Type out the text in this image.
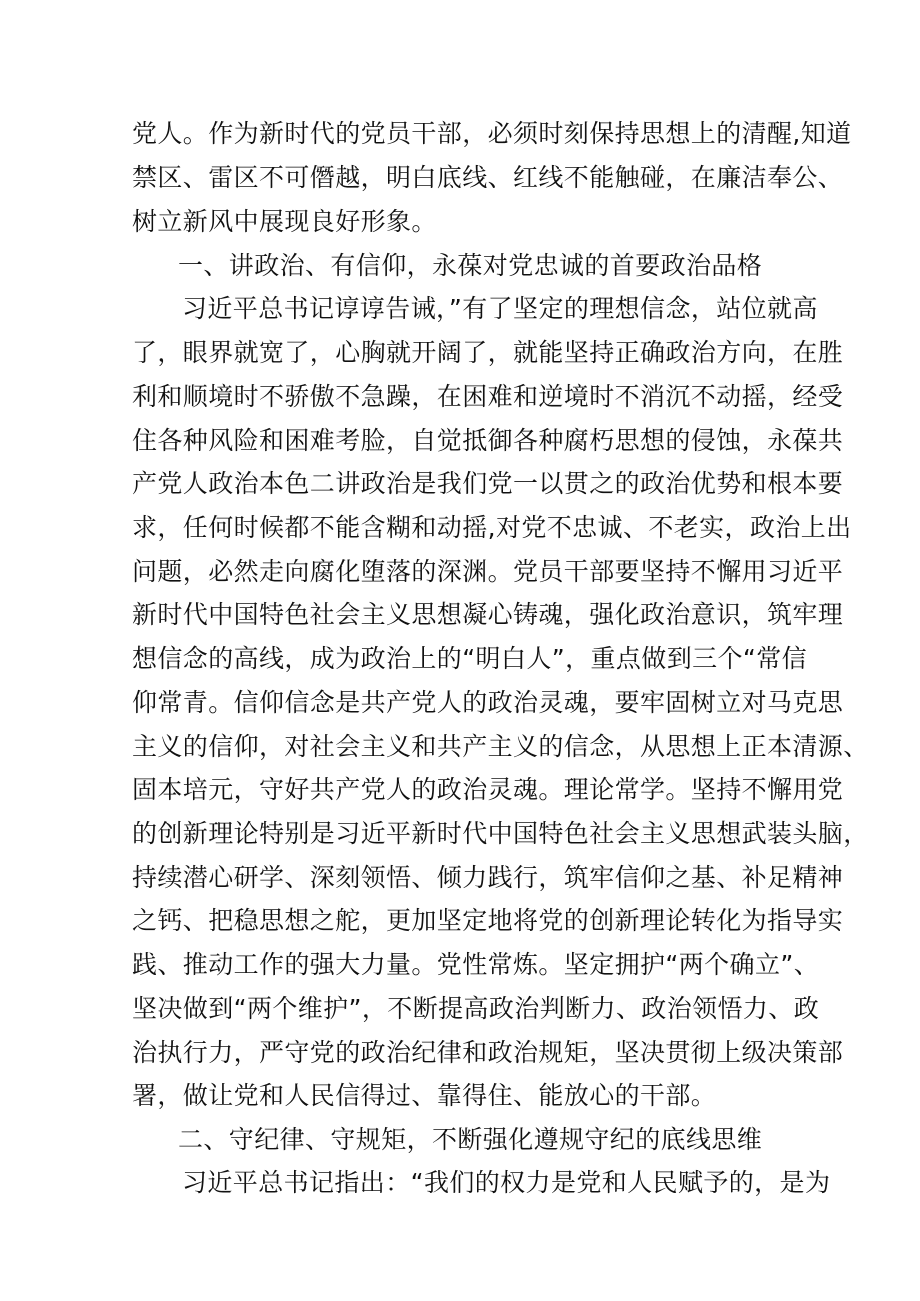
党人。作为新时代的党员干部，必须时刻保持思想上的清醒,知道
禁区、雷区不可僭越，明白底线、红线不能触碰，在廉洁奉公、
树立新风中展现良好形象。
一、讲政治、有信仰，永葆对党忠诚的首要政治品格
习近平总书记谆谆告诫，”有了坚定的理想信念，站位就高
了，眼界就宽了，心胸就开阔了，就能坚持正确政治方向，在胜
利和顺境时不骄傲不急躁，在困难和逆境时不消沉不动摇，经受
住各种风险和困难考脸，自觉抵御各种腐朽思想的侵蚀，永葆共
产党人政治本色二讲政治是我们党一以贯之的政治优势和根本要
求，任何时候都不能含糊和动摇,对党不忠诚、不老实，政治上出
问题，必然走向腐化堕落的深渊。党员干部要坚持不懈用习近平
新时代中国特色社会主义思想凝心铸魂，强化政治意识，筑牢理
想信念的高线，成为政治上的“明白人”，重点做到三个“常信
仰常青。信仰信念是共产党人的政治灵魂，要牢固树立对马克思
主义的信仰，对社会主义和共产主义的信念，从思想上正本清源、
固本培元，守好共产党人的政治灵魂。理论常学。坚持不懈用党
的创新理论特别是习近平新时代中国特色社会主义思想武装头脑，
持续潜心研学、深刻领悟、倾力践行，筑牢信仰之基、补足精神
之钙、把稳思想之舵，更加坚定地将党的创新理论转化为指导实
践、推动工作的强大力量。党性常炼。坚定拥护“两个确立”、
坚决做到“两个维护”，不断提高政治判断力、政治领悟力、政
治执行力，严守党的政治纪律和政治规矩，坚决贯彻上级决策部
署，做让党和人民信得过、靠得住、能放心的干部。
二、守纪律、守规矩，不断强化遵规守纪的底线思维
习近平总书记指出：“我们的权力是党和人民赋予的，是为
